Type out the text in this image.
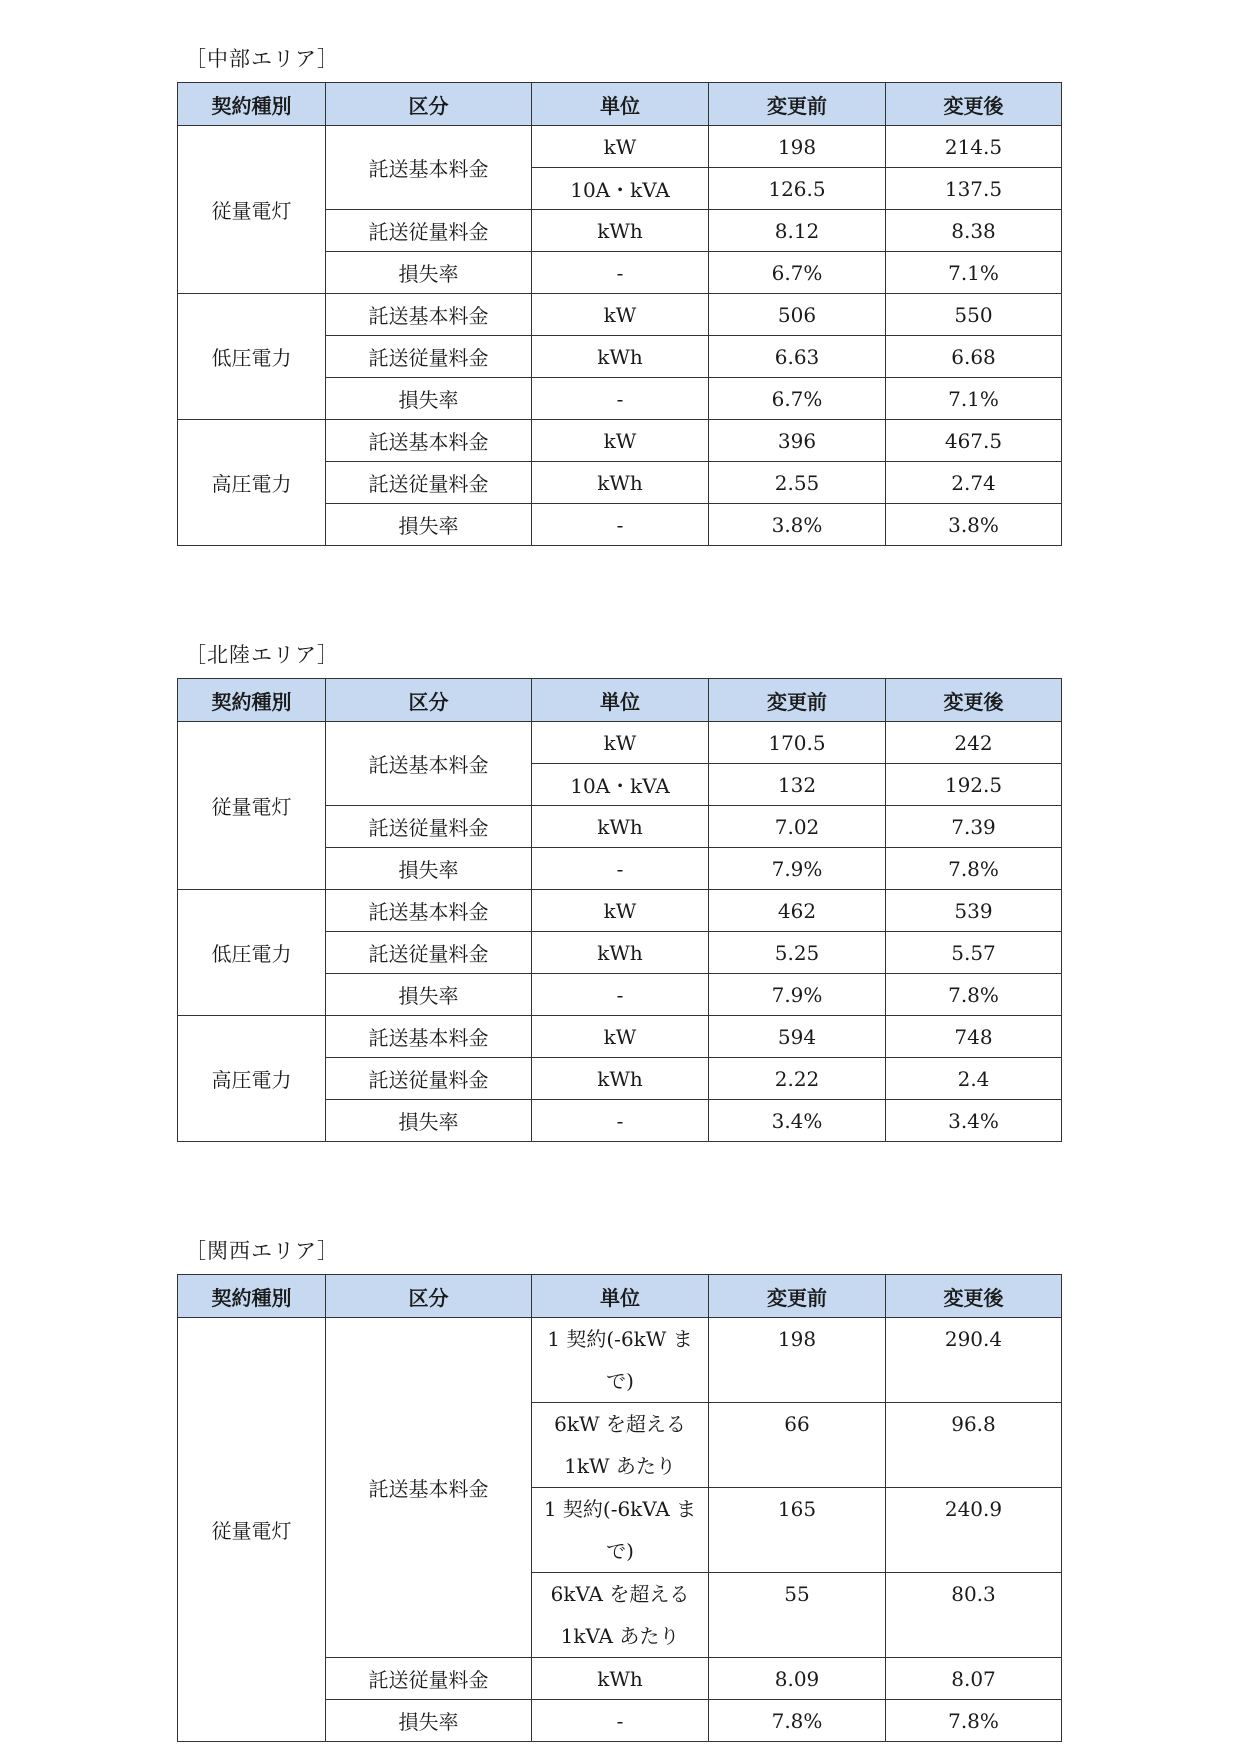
［中部エリア］
契約種別	区分	単位	変更前	変更後
従量電灯	託送基本料金	kW	198	214.5
		10A・kVA	126.5	137.5
	託送従量料金	kWh	8.12	8.38
	損失率	-	6.7%	7.1%
低圧電力	託送基本料金	kW	506	550
	託送従量料金	kWh	6.63	6.68
	損失率	-	6.7%	7.1%
高圧電力	託送基本料金	kW	396	467.5
	託送従量料金	kWh	2.55	2.74
	損失率	-	3.8%	3.8%
［北陸エリア］
契約種別	区分	単位	変更前	変更後
従量電灯	託送基本料金	kW	170.5	242
		10A・kVA	132	192.5
	託送従量料金	kWh	7.02	7.39
	損失率	-	7.9%	7.8%
低圧電力	託送基本料金	kW	462	539
	託送従量料金	kWh	5.25	5.57
	損失率	-	7.9%	7.8%
高圧電力	託送基本料金	kW	594	748
	託送従量料金	kWh	2.22	2.4
	損失率	-	3.4%	3.4%
［関西エリア］
契約種別	区分	単位	変更前	変更後
従量電灯	託送基本料金	1 契約(-6kW まで)	198	290.4
		6kW を超える 1kW あたり	66	96.8
		1 契約(-6kVA まで)	165	240.9
		6kVA を超える 1kVA あたり	55	80.3
	託送従量料金	kWh	8.09	8.07
	損失率	-	7.8%	7.8%
